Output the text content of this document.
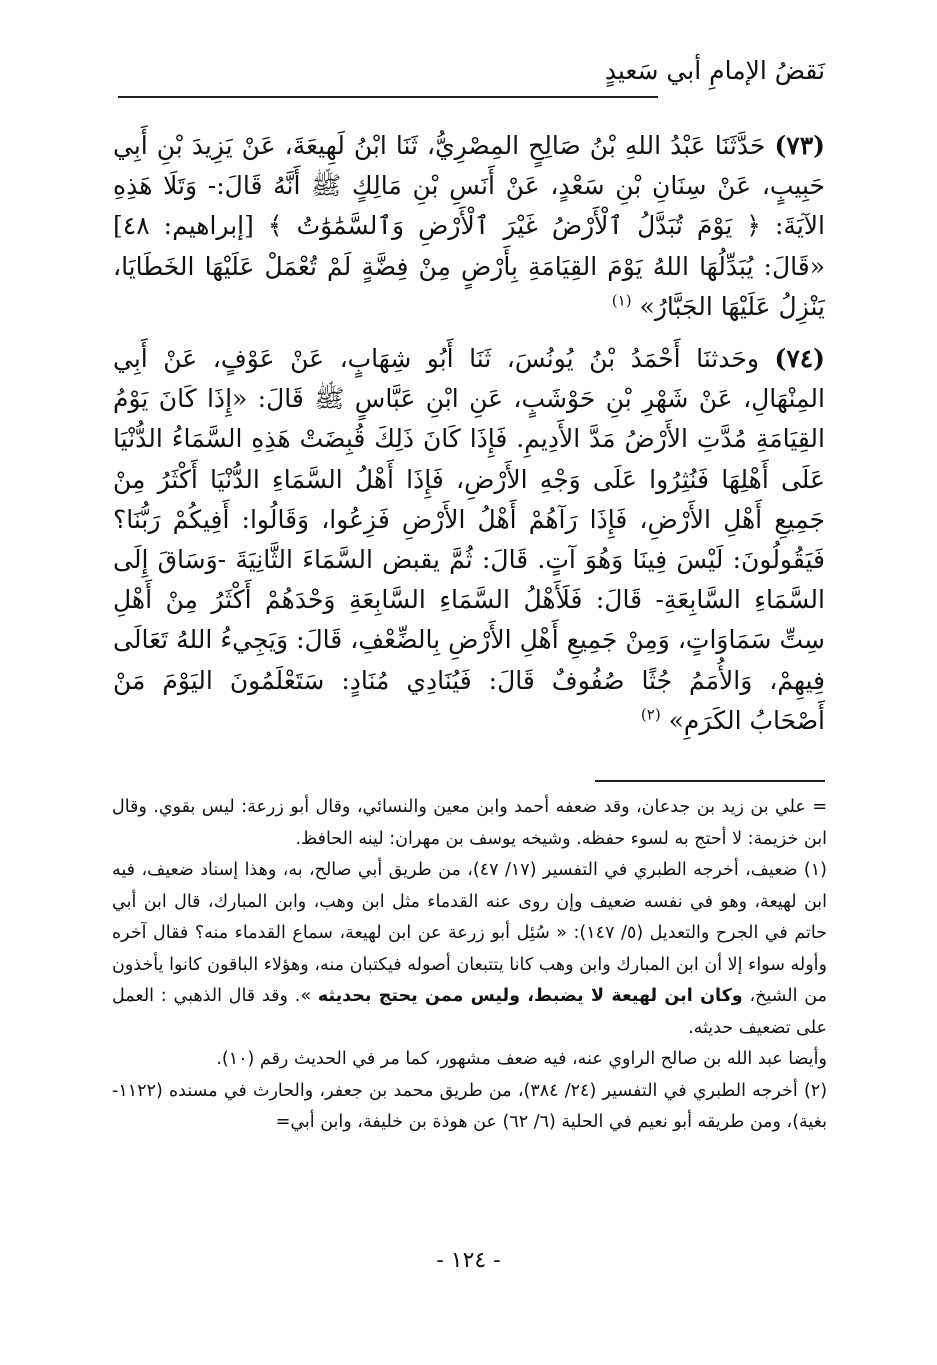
نَقضُ الإمامِ أبي سَعيدٍ

(٧٣) حَدَّثَنَا عَبْدُ اللهِ بْنُ صَالِحٍ المِصْرِيُّ، ثَنَا ابْنُ لَهِيعَةَ، عَنْ يَزِيدَ بْنِ أَبِي حَبِيبٍ، عَنْ سِنَانِ بْنِ سَعْدٍ، عَنْ أَنَسِ بْنِ مَالِكٍ ﷺ أَنَّهُ قَالَ:- وَتَلَا هَذِهِ الآيَةَ: ﴿ يَوْمَ تُبَدَّلُ ٱلْأَرْضُ غَيْرَ ٱلْأَرْضِ وَٱلسَّمَٰوَٰتُ ﴾ [إبراهيم: ٤٨] «قَالَ: يُبَدِّلُهَا اللهُ يَوْمَ القِيَامَةِ بِأَرْضٍ مِنْ فِضَّةٍ لَمْ تُعْمَلْ عَلَيْهَا الخَطَايَا، يَنْزِلُ عَلَيْهَا الجَبَّارُ» $^{(١)}$

(٧٤) وحَدثنَا أَحْمَدُ بْنُ يُونُسَ، ثَنَا أَبُو شِهَابٍ، عَنْ عَوْفٍ، عَنْ أَبِي المِنْهَالِ، عَنْ شَهْرِ بْنِ حَوْشَبٍ، عَنِ ابْنِ عَبَّاسٍ ﷺ قَالَ: «إِذَا كَانَ يَوْمُ القِيَامَةِ مُدَّتِ الأَرْضُ مَدَّ الأَدِيمِ. فَإِذَا كَانَ ذَلِكَ قُبِضَتْ هَذِهِ السَّمَاءُ الدُّنْيَا عَلَى أَهْلِهَا فَنُثِرُوا عَلَى وَجْهِ الأَرْضِ، فَإِذَا أَهْلُ السَّمَاءِ الدُّنْيَا أَكْثَرُ مِنْ جَمِيعِ أَهْلِ الأَرْضِ، فَإِذَا رَآهُمْ أَهْلُ الأَرْضِ فَزِعُوا، وَقَالُوا: أَفِيكُمْ رَبُّنَا؟ فَيَقُولُونَ: لَيْسَ فِينَا وَهُوَ آتٍ. قَالَ: ثُمَّ يقبض السَّمَاءَ الثَّانِيَةَ -وَسَاقَ إِلَى السَّمَاءِ السَّابِعَةِ- قَالَ: فَلَأَهْلُ السَّمَاءِ السَّابِعَةِ وَحْدَهُمْ أَكْثَرُ مِنْ أَهْلِ سِتِّ سَمَاوَاتٍ، وَمِنْ جَمِيعِ أَهْلِ الأَرْضِ بِالضِّعْفِ، قَالَ: وَيَجِيءُ اللهُ تَعَالَى فِيهِمْ، وَالأُمَمُ جُثًا صُفُوفٌ قَالَ: فَيُنَادِي مُنَادٍ: سَتَعْلَمُونَ اليَوْمَ مَنْ أَصْحَابُ الكَرَمِ» $^{(٢)}$

= علي بن زيد بن جدعان، وقد ضعفه أحمد وابن معين والنسائي، وقال أبو زرعة: ليس بقوي. وقال ابن خزيمة: لا أحتج به لسوء حفظه. وشيخه يوسف بن مهران: لينه الحافظ.

(١) ضعيف، أخرجه الطبري في التفسير (١٧/ ٤٧)، من طريق أبي صالح، به، وهذا إسناد ضعيف، فيه ابن لهيعة، وهو في نفسه ضعيف وإن روى عنه القدماء مثل ابن وهب، وابن المبارك، قال ابن أبي حاتم في الجرح والتعديل (٥/ ١٤٧): « سُئِل أبو زرعة عن ابن لهيعة، سماع القدماء منه؟ فقال آخره وأوله سواء إلا أن ابن المبارك وابن وهب كانا يتتبعان أصوله فيكتبان منه، وهؤلاء الباقون كانوا يأخذون من الشيخ، وكان ابن لهيعة لا يضبط، وليس ممن يحتج بحديثه ». وقد قال الذهبي : العمل على تضعيف حديثه.

وأيضا عبد الله بن صالح الراوي عنه، فيه ضعف مشهور، كما مر في الحديث رقم (١٠).

(٢) أخرجه الطبري في التفسير (٢٤/ ٣٨٤)، من طريق محمد بن جعفر، والحارث في مسنده (١١٢٢- بغية)، ومن طريقه أبو نعيم في الحلية (٦/ ٦٢) عن هوذة بن خليفة، وابن أبي=

- ١٢٤ -
